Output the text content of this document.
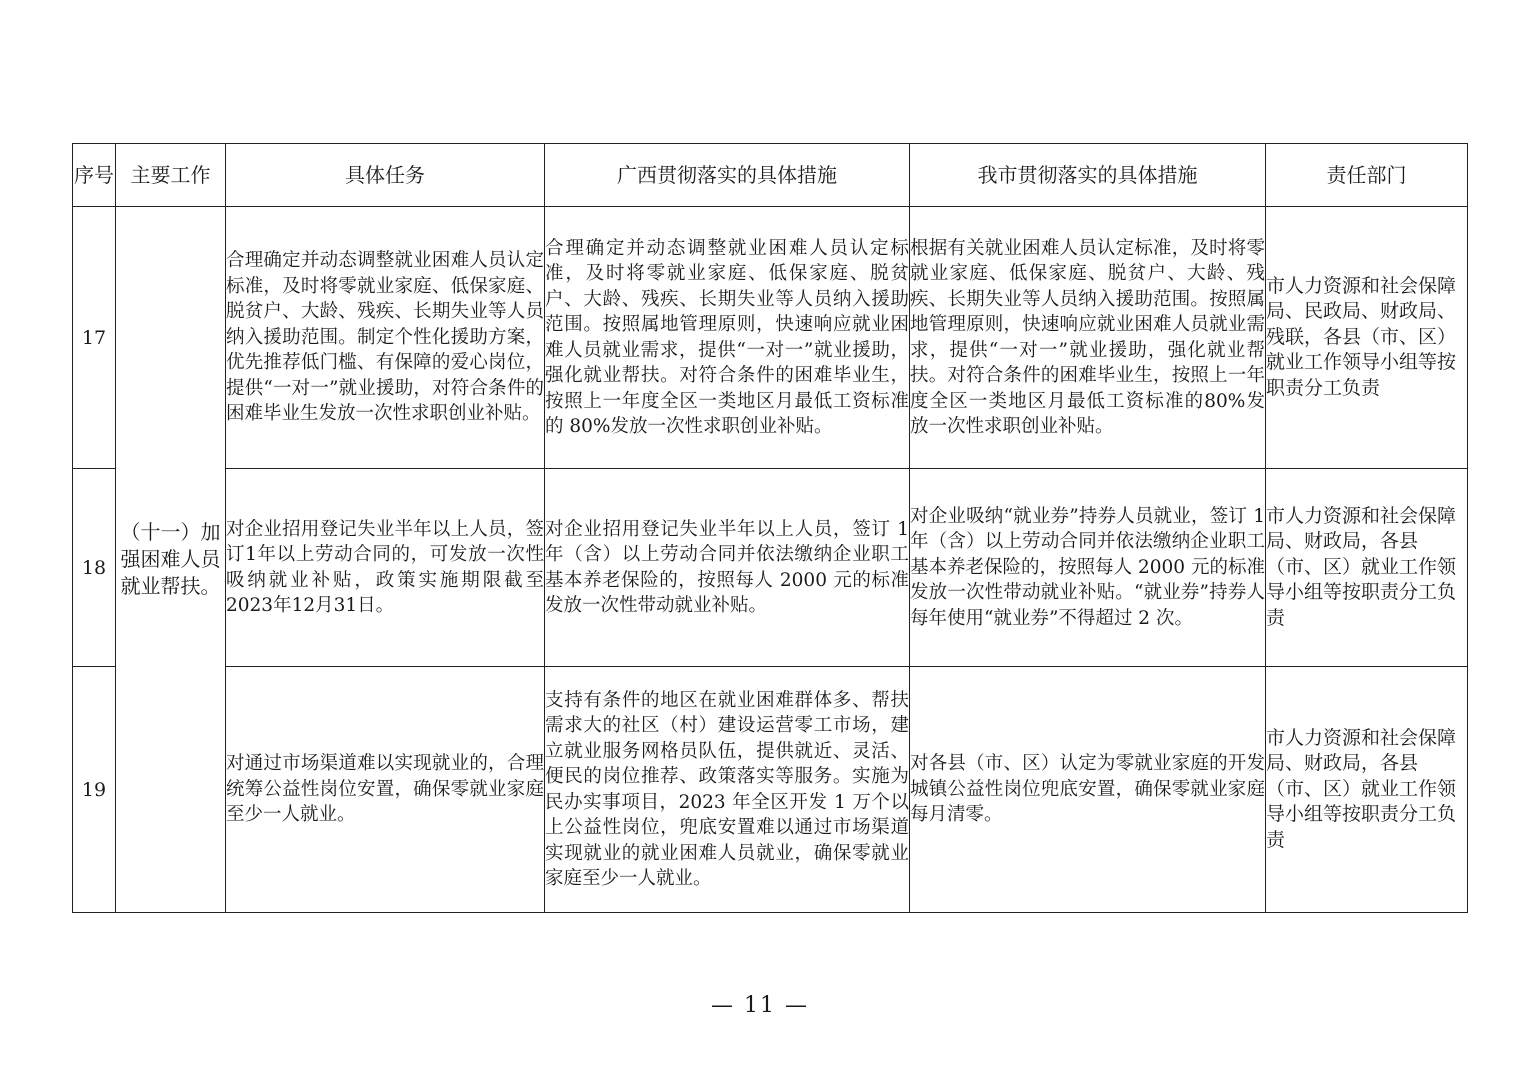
序号	主要工作	具体任务	广西贯彻落实的具体措施	我市贯彻落实的具体措施	责任部门
17	（十一）加强困难人员就业帮扶。	合理确定并动态调整就业困难人员认定标准，及时将零就业家庭、低保家庭、脱贫户、大龄、残疾、长期失业等人员纳入援助范围。制定个性化援助方案，优先推荐低门槛、有保障的爱心岗位，提供“一对一”就业援助，对符合条件的困难毕业生发放一次性求职创业补贴。	合理确定并动态调整就业困难人员认定标准，及时将零就业家庭、低保家庭、脱贫户、大龄、残疾、长期失业等人员纳入援助范围。按照属地管理原则，快速响应就业困难人员就业需求，提供“一对一”就业援助，强化就业帮扶。对符合条件的困难毕业生，按照上一年度全区一类地区月最低工资标准的 80%发放一次性求职创业补贴。	根据有关就业困难人员认定标准，及时将零就业家庭、低保家庭、脱贫户、大龄、残疾、长期失业等人员纳入援助范围。按照属地管理原则，快速响应就业困难人员就业需求，提供“一对一”就业援助，强化就业帮扶。对符合条件的困难毕业生，按照上一年度全区一类地区月最低工资标准的80%发放一次性求职创业补贴。	市人力资源和社会保障局、民政局、财政局、残联，各县（市、区）就业工作领导小组等按职责分工负责
18		对企业招用登记失业半年以上人员，签订1年以上劳动合同的，可发放一次性吸纳就业补贴，政策实施期限截至2023年12月31日。	对企业招用登记失业半年以上人员，签订 1 年（含）以上劳动合同并依法缴纳企业职工基本养老保险的，按照每人 2000 元的标准发放一次性带动就业补贴。	对企业吸纳“就业券”持券人员就业，签订 1 年（含）以上劳动合同并依法缴纳企业职工基本养老保险的，按照每人 2000 元的标准发放一次性带动就业补贴。“就业券”持券人每年使用“就业券”不得超过 2 次。	市人力资源和社会保障局、财政局，各县（市、区）就业工作领导小组等按职责分工负责
19		对通过市场渠道难以实现就业的，合理统筹公益性岗位安置，确保零就业家庭至少一人就业。	支持有条件的地区在就业困难群体多、帮扶需求大的社区（村）建设运营零工市场，建立就业服务网格员队伍，提供就近、灵活、便民的岗位推荐、政策落实等服务。实施为民办实事项目，2023 年全区开发 1 万个以上公益性岗位，兜底安置难以通过市场渠道实现就业的就业困难人员就业，确保零就业家庭至少一人就业。	对各县（市、区）认定为零就业家庭的开发城镇公益性岗位兜底安置，确保零就业家庭每月清零。	市人力资源和社会保障局、财政局，各县（市、区）就业工作领导小组等按职责分工负责
— 11 —
